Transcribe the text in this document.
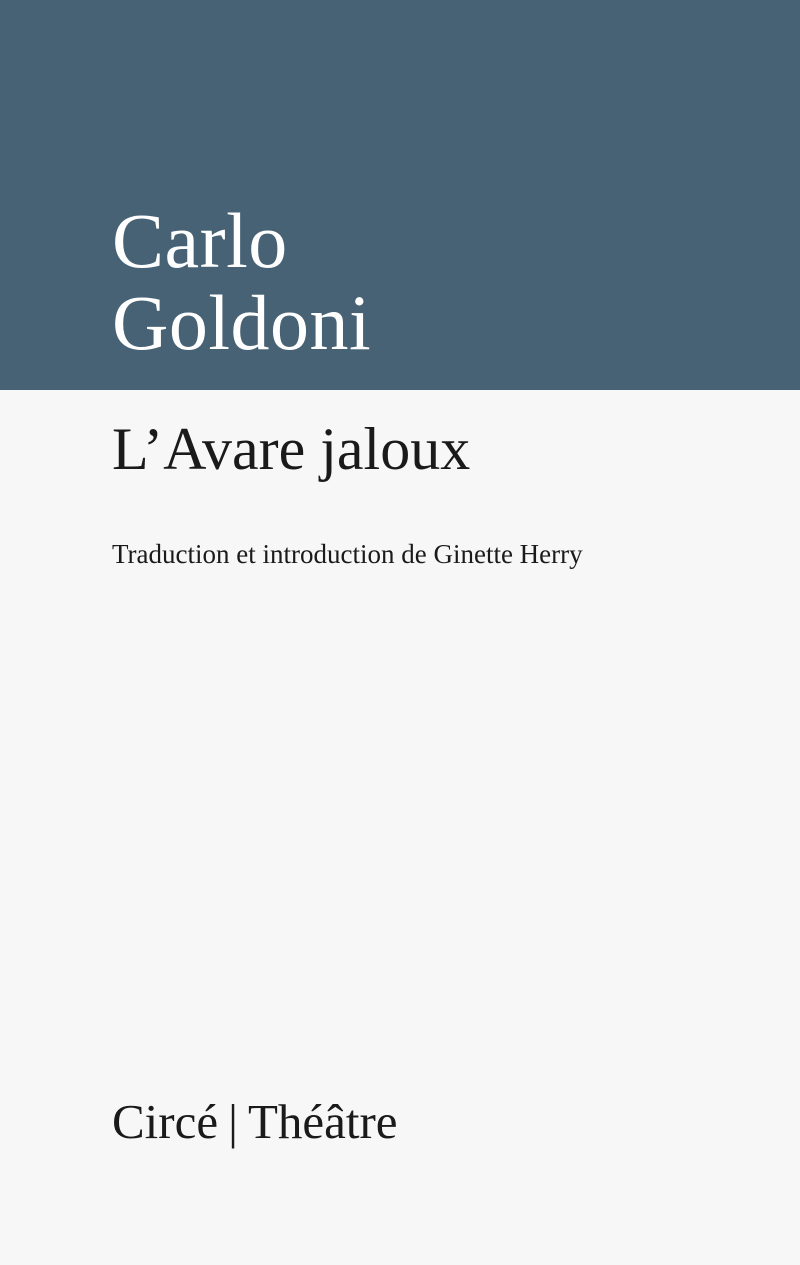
Carlo
Goldoni
L’Avare jaloux
Traduction et introduction de Ginette Herry
Circé | Théâtre
